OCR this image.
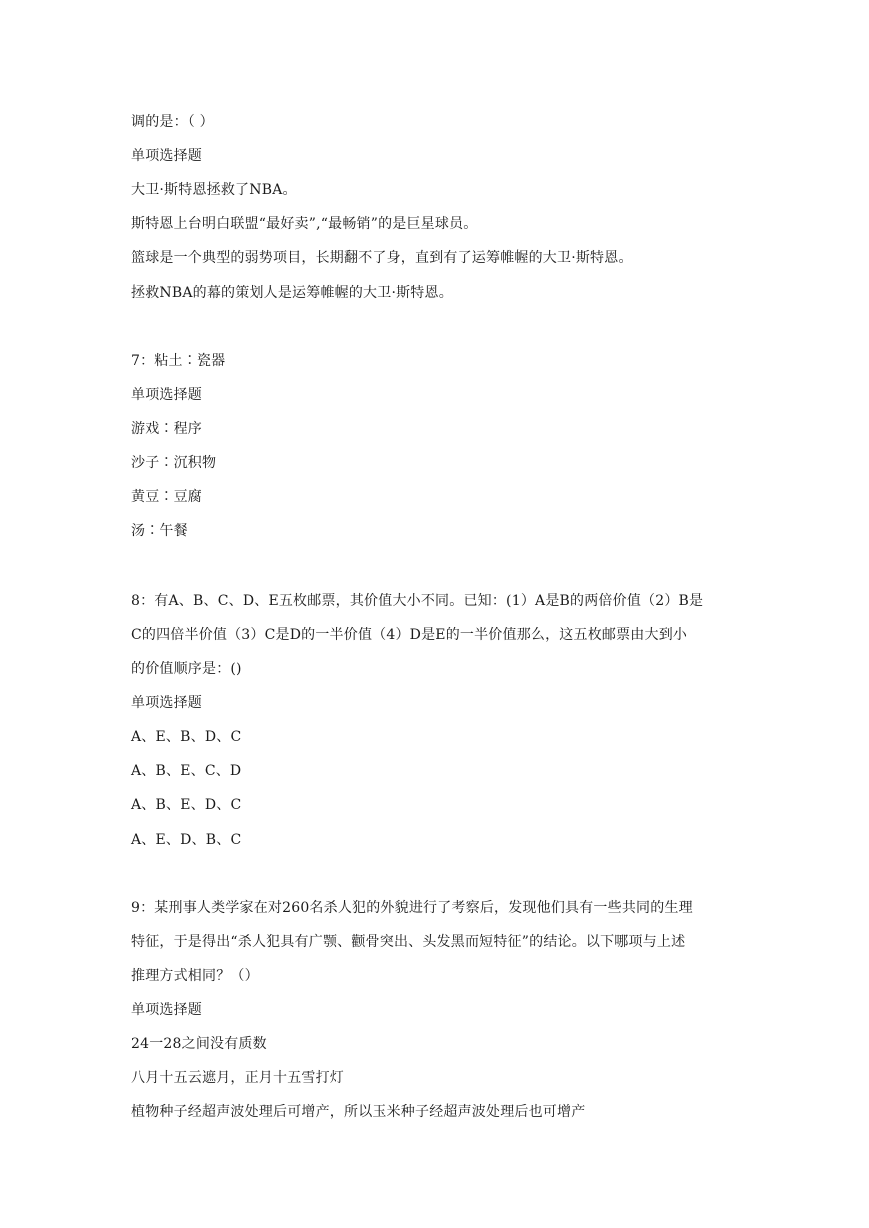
调的是：（ ）
单项选择题
大卫·斯特恩拯救了NBA。
斯特恩上台明白联盟“最好卖”,“最畅销”的是巨星球员。
篮球是一个典型的弱势项目，长期翻不了身，直到有了运筹帷幄的大卫·斯特恩。
拯救NBA的幕的策划人是运筹帷幄的大卫·斯特恩。
7：粘土∶瓷器
单项选择题
游戏∶程序
沙子∶沉积物
黄豆∶豆腐
汤∶午餐
8：有A、B、C、D、E五枚邮票，其价值大小不同。已知：(1）A是B的两倍价值（2）B是
C的四倍半价值（3）C是D的一半价值（4）D是E的一半价值那么，这五枚邮票由大到小
的价值顺序是：()
单项选择题
A、E、B、D、C
A、B、E、C、D
A、B、E、D、C
A、E、D、B、C
9：某刑事人类学家在对260名杀人犯的外貌进行了考察后，发现他们具有一些共同的生理
特征，于是得出“杀人犯具有广颚、颧骨突出、头发黑而短特征”的结论。以下哪项与上述
推理方式相同？（）
单项选择题
24一28之间没有质数
八月十五云遮月，正月十五雪打灯
植物种子经超声波处理后可增产，所以玉米种子经超声波处理后也可增产
